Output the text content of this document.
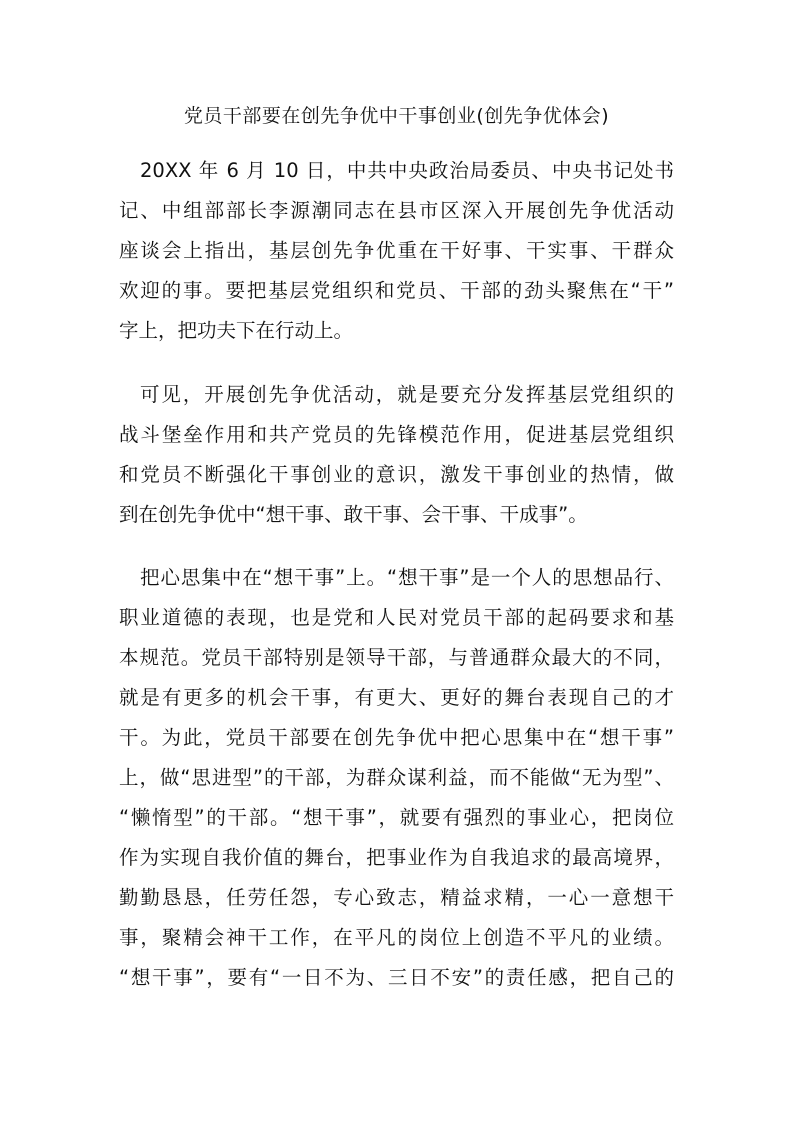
党员干部要在创先争优中干事创业(创先争优体会)
20XX 年 6 月 10 日，中共中央政治局委员、中央书记处书
记、中组部部长李源潮同志在县市区深入开展创先争优活动
座谈会上指出，基层创先争优重在干好事、干实事、干群众
欢迎的事。要把基层党组织和党员、干部的劲头聚焦在“干”
字上，把功夫下在行动上。
可见，开展创先争优活动，就是要充分发挥基层党组织的
战斗堡垒作用和共产党员的先锋模范作用，促进基层党组织
和党员不断强化干事创业的意识，激发干事创业的热情，做
到在创先争优中“想干事、敢干事、会干事、干成事”。
把心思集中在“想干事”上。“想干事”是一个人的思想品行、
职业道德的表现，也是党和人民对党员干部的起码要求和基
本规范。党员干部特别是领导干部，与普通群众最大的不同，
就是有更多的机会干事，有更大、更好的舞台表现自己的才
干。为此，党员干部要在创先争优中把心思集中在“想干事”
上，做“思进型”的干部，为群众谋利益，而不能做“无为型”、
“懒惰型”的干部。“想干事”，就要有强烈的事业心，把岗位
作为实现自我价值的舞台，把事业作为自我追求的最高境界，
勤勤恳恳，任劳任怨，专心致志，精益求精，一心一意想干
事，聚精会神干工作，在平凡的岗位上创造不平凡的业绩。
“想干事”，要有“一日不为、三日不安”的责任感，把自己的
